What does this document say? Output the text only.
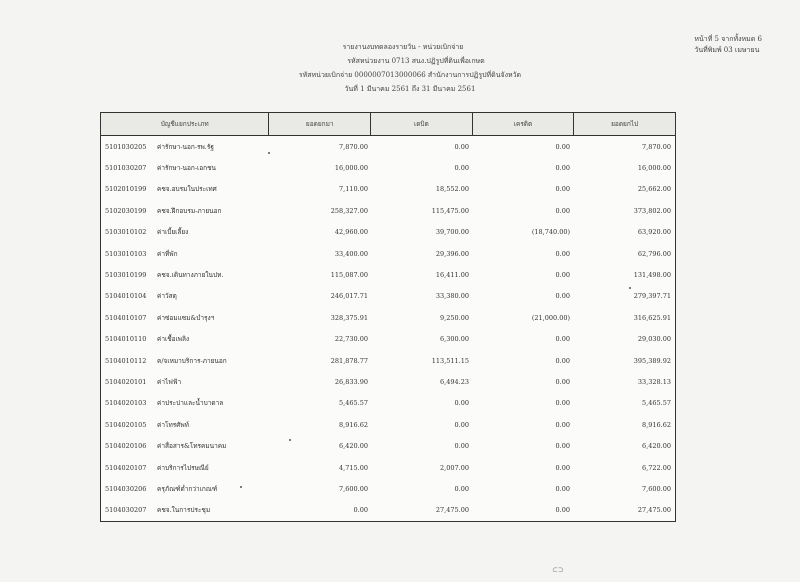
หน้าที่ 5 จากทั้งหมด 6
วันที่พิมพ์ 03 เมษายน
รายงานงบทดลองรายวัน - หน่วยเบิกจ่าย
รหัสหน่วยงาน 0713 สนง.ปฏิรูปที่ดินเพื่อเกษต
รหัสหน่วยเบิกจ่าย 0000007013000066 สำนักงานการปฏิรูปที่ดินจังหวัด
วันที่ 1 มีนาคม 2561 ถึง 31 มีนาคม 2561
บัญชีแยกประเภท	ยอดยกมา	เดบิต	เครดิต	ยอดยกไป
5101030205	ค่ารักษา-นอก-รพ.รัฐ	7,870.00	0.00	0.00	7,870.00
5101030207	ค่ารักษา-นอก-เอกชน	16,000.00	0.00	0.00	16,000.00
5102010199	คชจ.อบรมในประเทศ	7,110.00	18,552.00	0.00	25,662.00
5102030199	คชจ.ฝึกอบรม-ภายนอก	258,327.00	115,475.00	0.00	373,802.00
5103010102	ค่าเบี้ยเลี้ยง	42,960.00	39,700.00	(18,740.00)	63,920.00
5103010103	ค่าที่พัก	33,400.00	29,396.00	0.00	62,796.00
5103010199	คชจ.เดินทางภายในปท.	115,087.00	16,411.00	0.00	131,498.00
5104010104	ค่าวัสดุ	246,017.71	33,380.00	0.00	279,397.71
5104010107	ค่าซ่อมแซม&บำรุงฯ	328,375.91	9,250.00	(21,000.00)	316,625.91
5104010110	ค่าเชื้อเพลิง	22,730.00	6,300.00	0.00	29,030.00
5104010112	ค/จเหมาบริการ-ภายนอก	281,878.77	113,511.15	0.00	395,389.92
5104020101	ค่าไฟฟ้า	26,833.90	6,494.23	0.00	33,328.13
5104020103	ค่าประปาและน้ำบาดาล	5,465.57	0.00	0.00	5,465.57
5104020105	ค่าโทรศัพท์	8,916.62	0.00	0.00	8,916.62
5104020106	ค่าสื่อสาร&โทรคมนาคม	6,420.00	0.00	0.00	6,420.00
5104020107	ค่าบริการไปรษณีย์	4,715.00	2,007.00	0.00	6,722.00
5104030206	ครุภัณฑ์ต่ำกว่าเกณฑ์	7,600.00	0.00	0.00	7,600.00
5104030207	คชจ.ในการประชุม	0.00	27,475.00	0.00	27,475.00
⊂⊃
